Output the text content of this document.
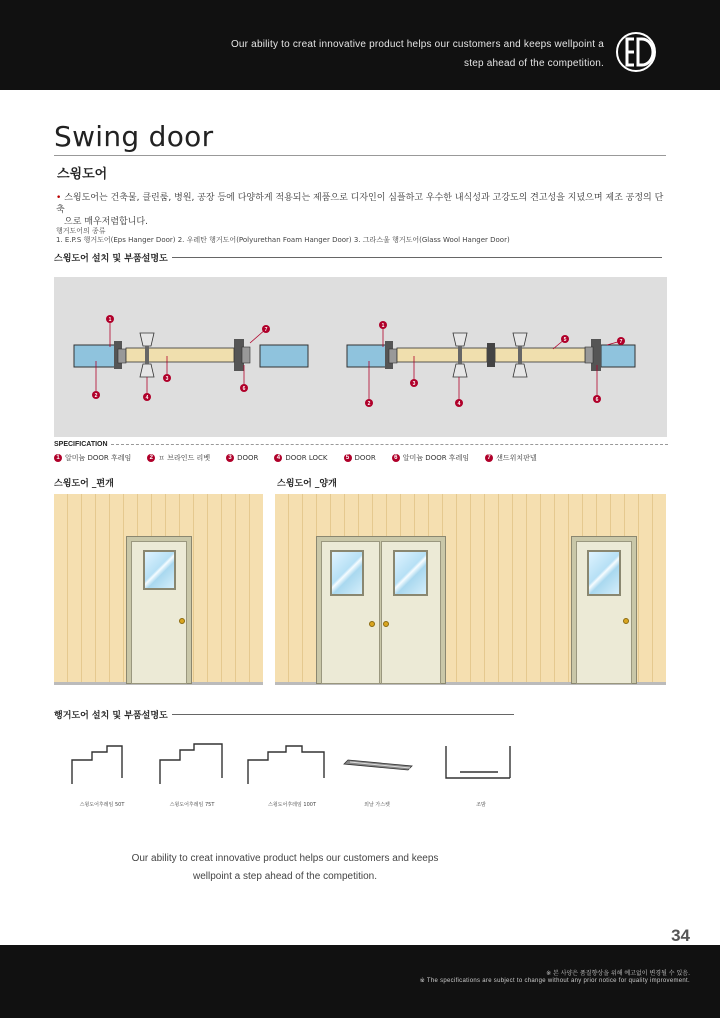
Our ability to creat innovative product helps our customers and keeps wellpoint a
step ahead of the competition.
Swing door
스윙도어
• 스윙도어는 건축물, 클린룸, 병원, 공장 등에 다양하게 적용되는 제품으로 디자인이 심플하고 우수한 내식성과 고강도의 견고성을 지녔으며 제조 공정의 단축
으로 매우저렴합니다.
행거도어의 종류
1. E.P.S 행거도어(Eps Hanger Door) 2. 우레탄 행거도어(Polyurethan Foam Hanger Door) 3. 그라스울 행거도어(Glass Wool Hanger Door)
스윙도어 설치 및 부품설명도
1
2
3
4
6
7
1
2
3
4
5
6
7
SPECIFICATION
1 알미늄 DOOR 후레임	2 ㅍ 브라인드 리벳	3 DOOR	4 DOOR LOCK	5 DOOR	6 알미늄 DOOR 후레임	7 샌드위치판넬
스윙도어 _편개	스윙도어 _양개
행거도어 설치 및 부품설명도
스윙도어후레임 50T	스윙도어후레임 75T	스윙도어후레임 100T	외날 가스켓	조밤
Our ability to creat innovative product helps our customers and keeps
wellpoint a step ahead of the competition.
34
※ 본 사양은 품질향상을 위해 예고없이 변경될 수 있음.
※ The specifications are subject to change without any prior notice for quality improvement.
